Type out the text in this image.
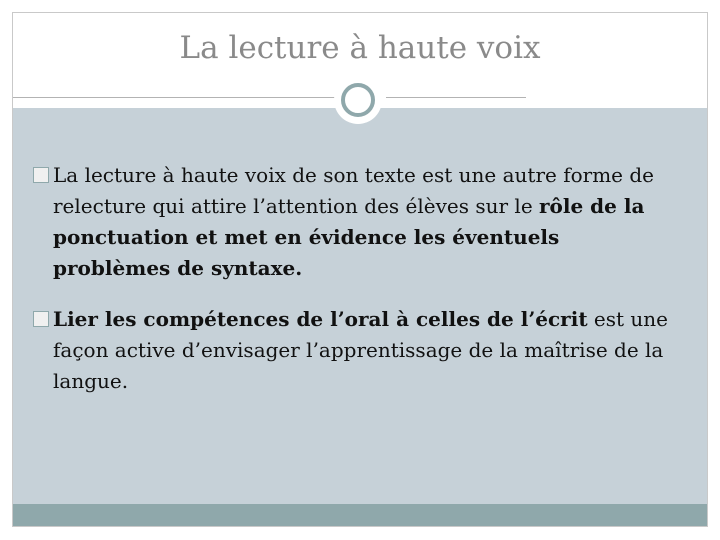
La lecture à haute voix
La lecture à haute voix de son texte est une autre forme de relecture qui attire l’attention des élèves sur le rôle de la ponctuation et met en évidence les éventuels problèmes de syntaxe.
Lier les compétences de l’oral à celles de l’écrit est une façon active d’envisager l’apprentissage de la maîtrise de la langue.
